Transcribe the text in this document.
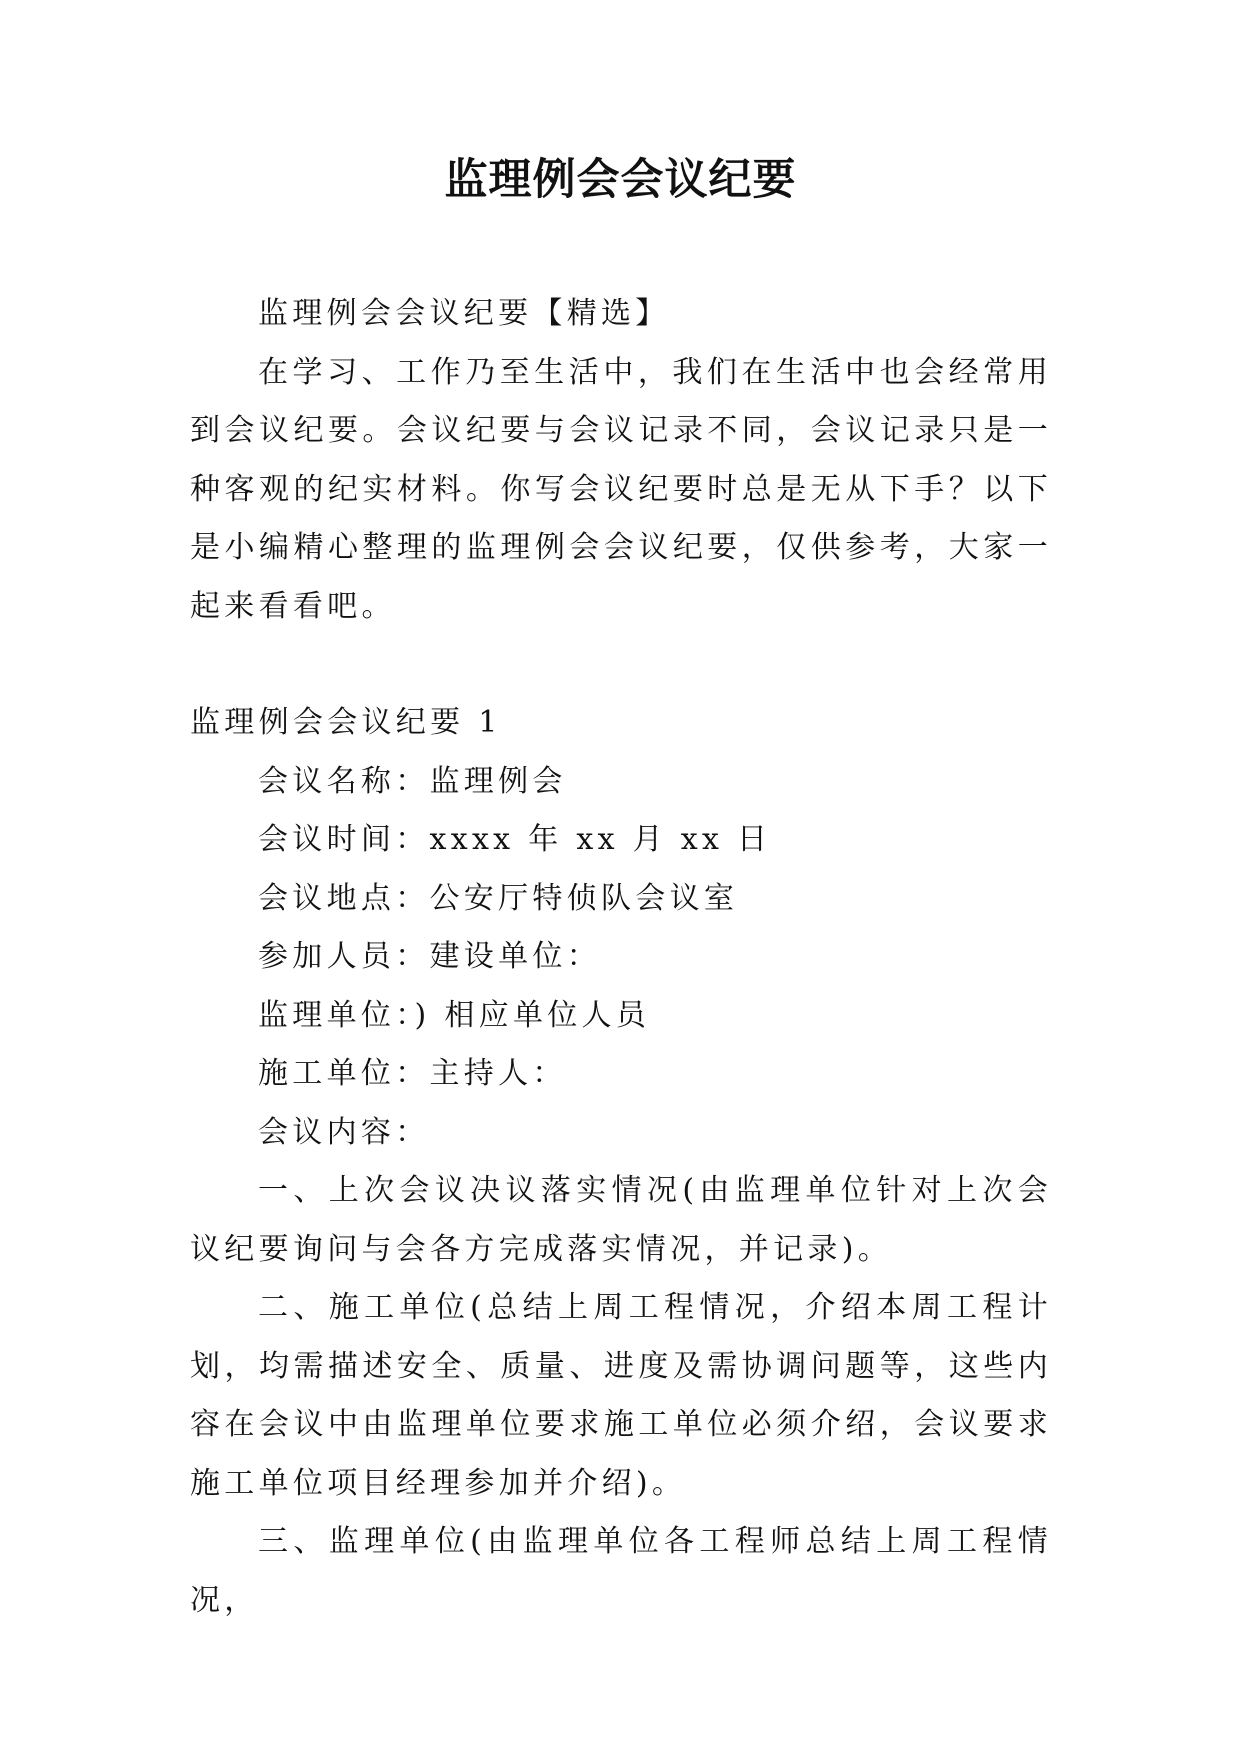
监理例会会议纪要

监理例会会议纪要【精选】

在学习、工作乃至生活中，我们在生活中也会经常用到会议纪要。会议纪要与会议记录不同，会议记录只是一种客观的纪实材料。你写会议纪要时总是无从下手？以下是小编精心整理的监理例会会议纪要，仅供参考，大家一起来看看吧。

监理例会会议纪要 1

会议名称：监理例会

会议时间：xxxx 年 xx 月 xx 日

会议地点：公安厅特侦队会议室

参加人员：建设单位：

监理单位：) 相应单位人员

施工单位：主持人：

会议内容：

一、上次会议决议落实情况(由监理单位针对上次会议纪要询问与会各方完成落实情况，并记录)。

二、施工单位(总结上周工程情况，介绍本周工程计划，均需描述安全、质量、进度及需协调问题等，这些内容在会议中由监理单位要求施工单位必须介绍，会议要求施工单位项目经理参加并介绍)。

三、监理单位(由监理单位各工程师总结上周工程情况，
